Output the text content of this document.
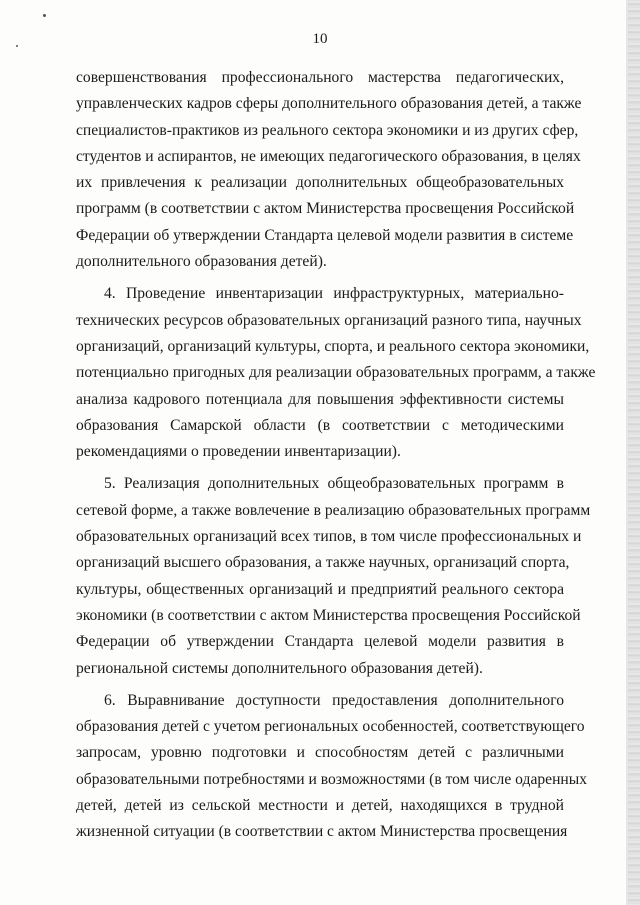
10

совершенствования профессионального мастерства педагогических,
управленческих кадров сферы дополнительного образования детей, а также
специалистов-практиков из реального сектора экономики и из других сфер,
студентов и аспирантов, не имеющих педагогического образования, в целях
их привлечения к реализации дополнительных общеобразовательных
программ (в соответствии с актом Министерства просвещения Российской
Федерации об утверждении Стандарта целевой модели развития в системе
дополнительного образования детей).

4. Проведение инвентаризации инфраструктурных, материально-
технических ресурсов образовательных организаций разного типа, научных
организаций, организаций культуры, спорта, и реального сектора экономики,
потенциально пригодных для реализации образовательных программ, а также
анализа кадрового потенциала для повышения эффективности системы
образования Самарской области (в соответствии с методическими
рекомендациями о проведении инвентаризации).

5. Реализация дополнительных общеобразовательных программ в
сетевой форме, а также вовлечение в реализацию образовательных программ
образовательных организаций всех типов, в том числе профессиональных и
организаций высшего образования, а также научных, организаций спорта,
культуры, общественных организаций и предприятий реального сектора
экономики (в соответствии с актом Министерства просвещения Российской
Федерации об утверждении Стандарта целевой модели развития в
региональной системы дополнительного образования детей).

6. Выравнивание доступности предоставления дополнительного
образования детей с учетом региональных особенностей, соответствующего
запросам, уровню подготовки и способностям детей с различными
образовательными потребностями и возможностями (в том числе одаренных
детей, детей из сельской местности и детей, находящихся в трудной
жизненной ситуации (в соответствии с актом Министерства просвещения
